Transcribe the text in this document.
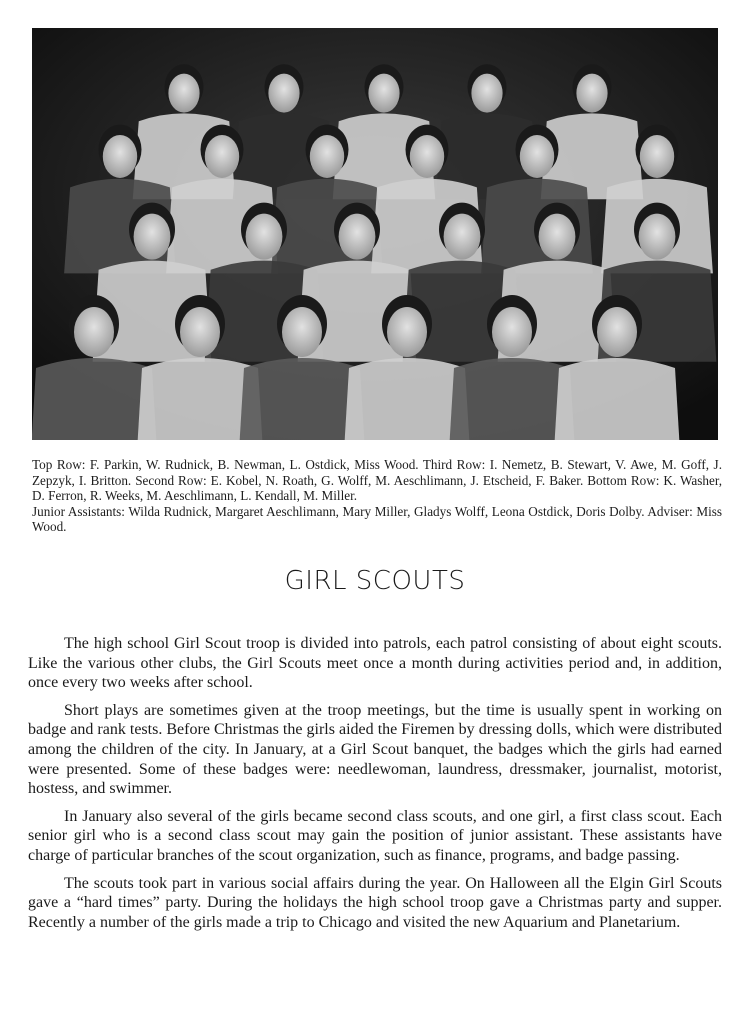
Top Row: F. Parkin, W. Rudnick, B. Newman, L. Ostdick, Miss Wood. Third Row: I. Nemetz, B. Stewart, V. Awe, M. Goff, J. Zepzyk, I. Britton. Second Row: E. Kobel, N. Roath, G. Wolff, M. Aeschlimann, J. Etscheid, F. Baker. Bottom Row: K. Washer, D. Ferron, R. Weeks, M. Aeschlimann, L. Kendall, M. Miller.

Junior Assistants: Wilda Rudnick, Margaret Aeschlimann, Mary Miller, Gladys Wolff, Leona Ostdick, Doris Dolby. Adviser: Miss Wood.

GIRL SCOUTS

The high school Girl Scout troop is divided into patrols, each patrol consisting of about eight scouts. Like the various other clubs, the Girl Scouts meet once a month during activities period and, in addition, once every two weeks after school.

Short plays are sometimes given at the troop meetings, but the time is usually spent in working on badge and rank tests. Before Christmas the girls aided the Firemen by dressing dolls, which were distributed among the children of the city. In January, at a Girl Scout banquet, the badges which the girls had earned were presented. Some of these badges were: needlewoman, laundress, dressmaker, journalist, motorist, hostess, and swimmer.

In January also several of the girls became second class scouts, and one girl, a first class scout. Each senior girl who is a second class scout may gain the position of junior assistant. These assistants have charge of particular branches of the scout organization, such as finance, programs, and badge passing.

The scouts took part in various social affairs during the year. On Halloween all the Elgin Girl Scouts gave a “hard times” party. During the holidays the high school troop gave a Christmas party and supper. Recently a number of the girls made a trip to Chicago and visited the new Aquarium and Planetarium.
